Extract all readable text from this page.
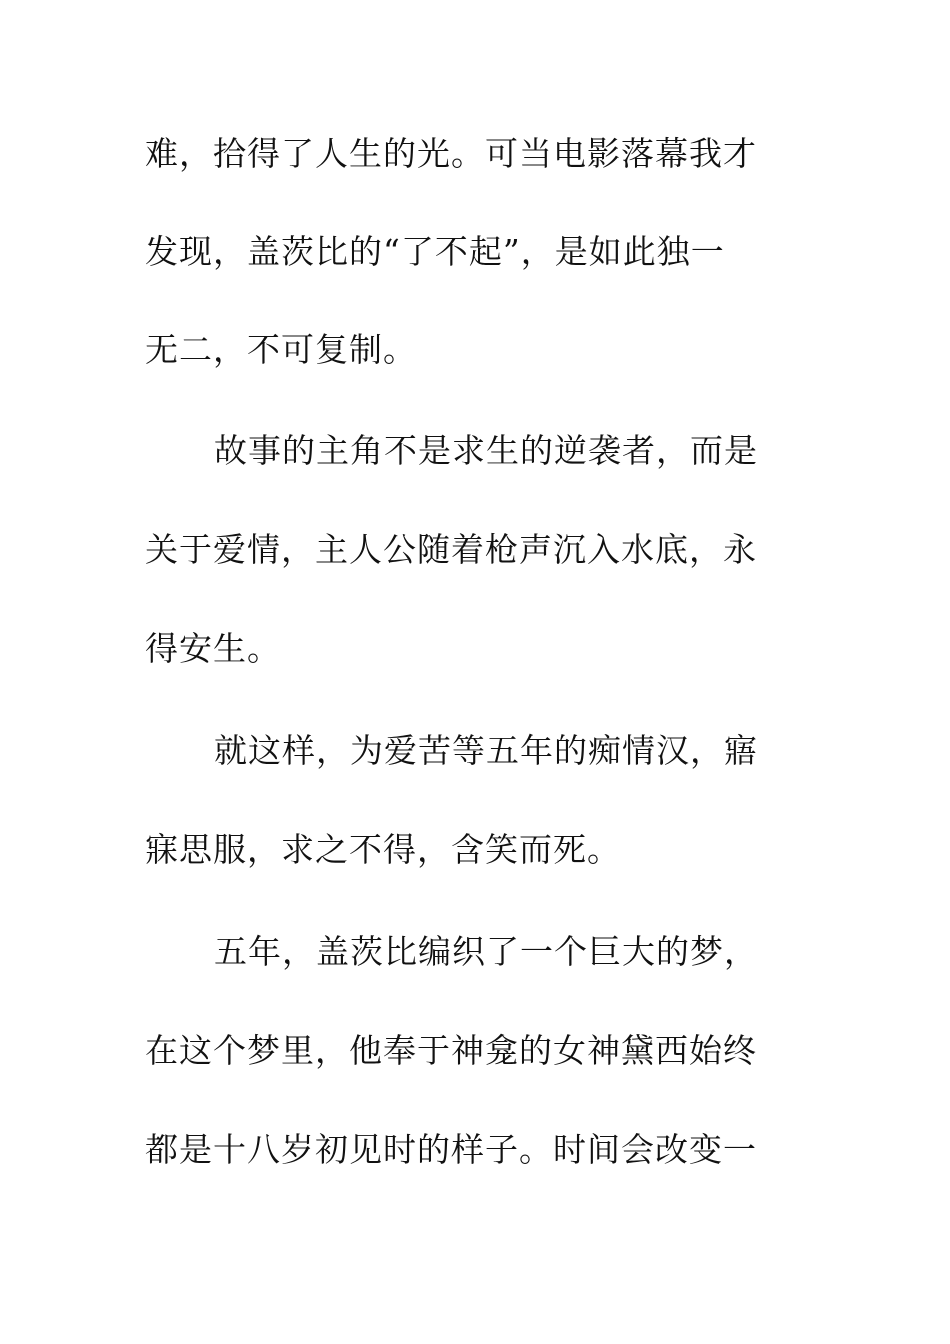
难，拾得了人生的光。可当电影落幕我才
发现，盖茨比的“了不起”，是如此独一
无二，不可复制。
故事的主角不是求生的逆袭者，而是
关于爱情，主人公随着枪声沉入水底，永
得安生。
就这样，为爱苦等五年的痴情汉，寤
寐思服，求之不得，含笑而死。
五年，盖茨比编织了一个巨大的梦，
在这个梦里，他奉于神龛的女神黛西始终
都是十八岁初见时的样子。时间会改变一
